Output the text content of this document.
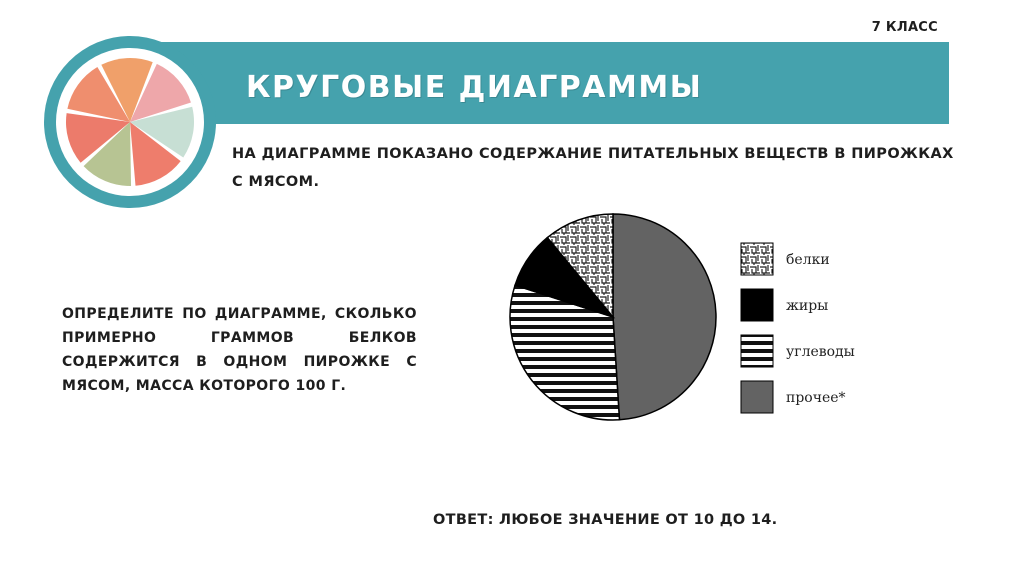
7 КЛАСС
КРУГОВЫЕ ДИАГРАММЫ
НА ДИАГРАММЕ ПОКАЗАНО СОДЕРЖАНИЕ ПИТАТЕЛЬНЫХ ВЕЩЕСТВ В ПИРОЖКАХ С МЯСОМ.
ОПРЕДЕЛИТЕ ПО ДИАГРАММЕ, СКОЛЬКО ПРИМЕРНО ГРАММОВ БЕЛКОВ СОДЕРЖИТСЯ В ОДНОМ ПИРОЖКЕ С МЯСОМ, МАССА КОТОРОГО 100 Г.
белки
жиры
углеводы
прочее*
ОТВЕТ: ЛЮБОЕ ЗНАЧЕНИЕ ОТ 10 ДО 14.
